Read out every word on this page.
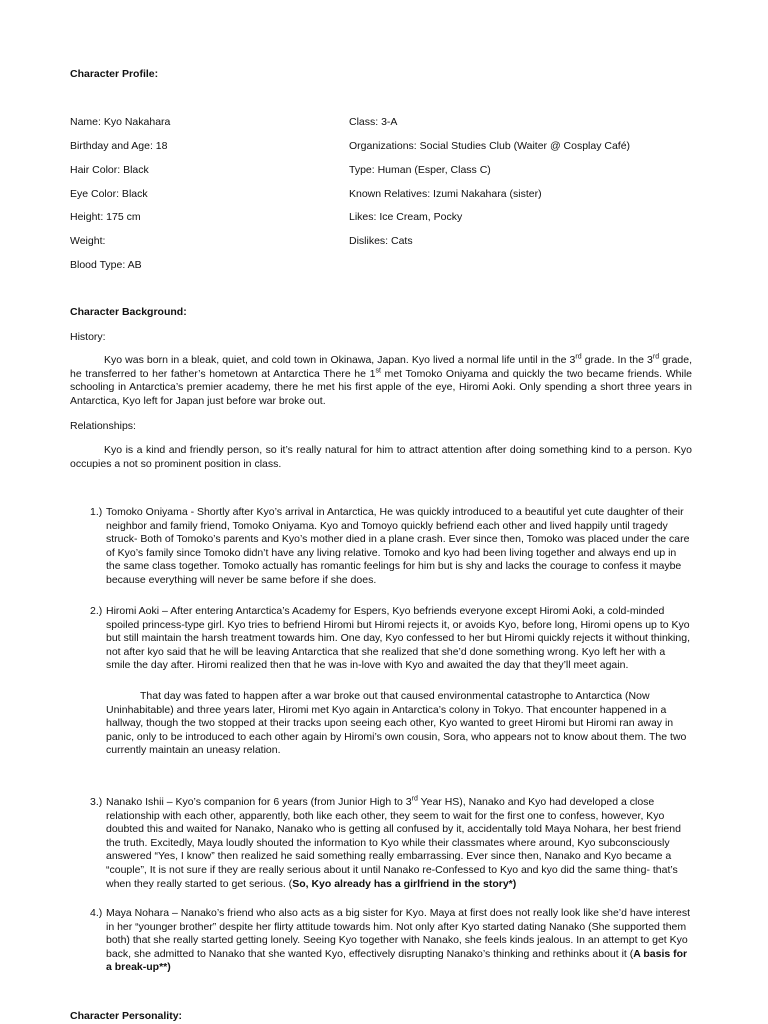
Character Profile:
Name: Kyo Nakahara
Birthday and Age: 18
Hair Color: Black
Eye Color: Black
Height: 175 cm
Weight:
Blood Type: AB
Class: 3-A
Organizations: Social Studies Club (Waiter @ Cosplay Café)
Type: Human (Esper, Class C)
Known Relatives: Izumi Nakahara (sister)
Likes: Ice Cream, Pocky
Dislikes: Cats
Character Background:
History:
Kyo was born in a bleak, quiet, and cold town in Okinawa, Japan. Kyo lived a normal life until in the 3rd grade. In the 3rd grade, he transferred to her father’s hometown at Antarctica There he 1st met Tomoko Oniyama and quickly the two became friends. While schooling in Antarctica’s premier academy, there he met his first apple of the eye, Hiromi Aoki. Only spending a short three years in Antarctica, Kyo left for Japan just before war broke out.
Relationships:
Kyo is a kind and friendly person, so it’s really natural for him to attract attention after doing something kind to a person. Kyo occupies a not so prominent position in class.
1.) Tomoko Oniyama - Shortly after Kyo’s arrival in Antarctica, He was quickly introduced to a beautiful yet cute daughter of their neighbor and family friend, Tomoko Oniyama. Kyo and Tomoyo quickly befriend each other and lived happily until tragedy struck- Both of Tomoko’s parents and Kyo’s mother died in a plane crash. Ever since then, Tomoko was placed under the care of Kyo’s family since Tomoko didn’t have any living relative. Tomoko and kyo had been living together and always end up in the same class together. Tomoko actually has romantic feelings for him but is shy and lacks the courage to confess it maybe because everything will never be same before if she does.
2.) Hiromi Aoki – After entering Antarctica’s Academy for Espers, Kyo befriends everyone except Hiromi Aoki, a cold-minded spoiled princess-type girl. Kyo tries to befriend Hiromi but Hiromi rejects it, or avoids Kyo, before long, Hiromi opens up to Kyo but still maintain the harsh treatment towards him. One day, Kyo confessed to her but Hiromi quickly rejects it without thinking, not after kyo said that he will be leaving Antarctica that she realized that she’d done something wrong. Kyo left her with a smile the day after. Hiromi realized then that he was in-love with Kyo and awaited the day that they’ll meet again.
That day was fated to happen after a war broke out that caused environmental catastrophe to Antarctica (Now Uninhabitable) and three years later, Hiromi met Kyo again in Antarctica’s colony in Tokyo. That encounter happened in a hallway, though the two stopped at their tracks upon seeing each other, Kyo wanted to greet Hiromi but Hiromi ran away in panic, only to be introduced to each other again by Hiromi’s own cousin, Sora, who appears not to know about them. The two currently maintain an uneasy relation.
3.) Nanako Ishii – Kyo’s companion for 6 years (from Junior High to 3rd Year HS), Nanako and Kyo had developed a close relationship with each other, apparently, both like each other, they seem to wait for the first one to confess, however, Kyo doubted this and waited for Nanako, Nanako who is getting all confused by it, accidentally told Maya Nohara, her best friend the truth. Excitedly, Maya loudly shouted the information to Kyo while their classmates where around, Kyo subconsciously answered “Yes, I know” then realized he said something really embarrassing. Ever since then, Nanako and Kyo became a “couple”, It is not sure if they are really serious about it until Nanako re-Confessed to Kyo and kyo did the same thing- that’s when they really started to get serious. (So, Kyo already has a girlfriend in the story*)
4.) Maya Nohara – Nanako’s friend who also acts as a big sister for Kyo. Maya at first does not really look like she’d have interest in her “younger brother” despite her flirty attitude towards him. Not only after Kyo started dating Nanako (She supported them both) that she really started getting lonely. Seeing Kyo together with Nanako, she feels kinds jealous. In an attempt to get Kyo back, she admitted to Nanako that she wanted Kyo, effectively disrupting Nanako’s thinking and rethinks about it (A basis for a break-up**)
Character Personality:
